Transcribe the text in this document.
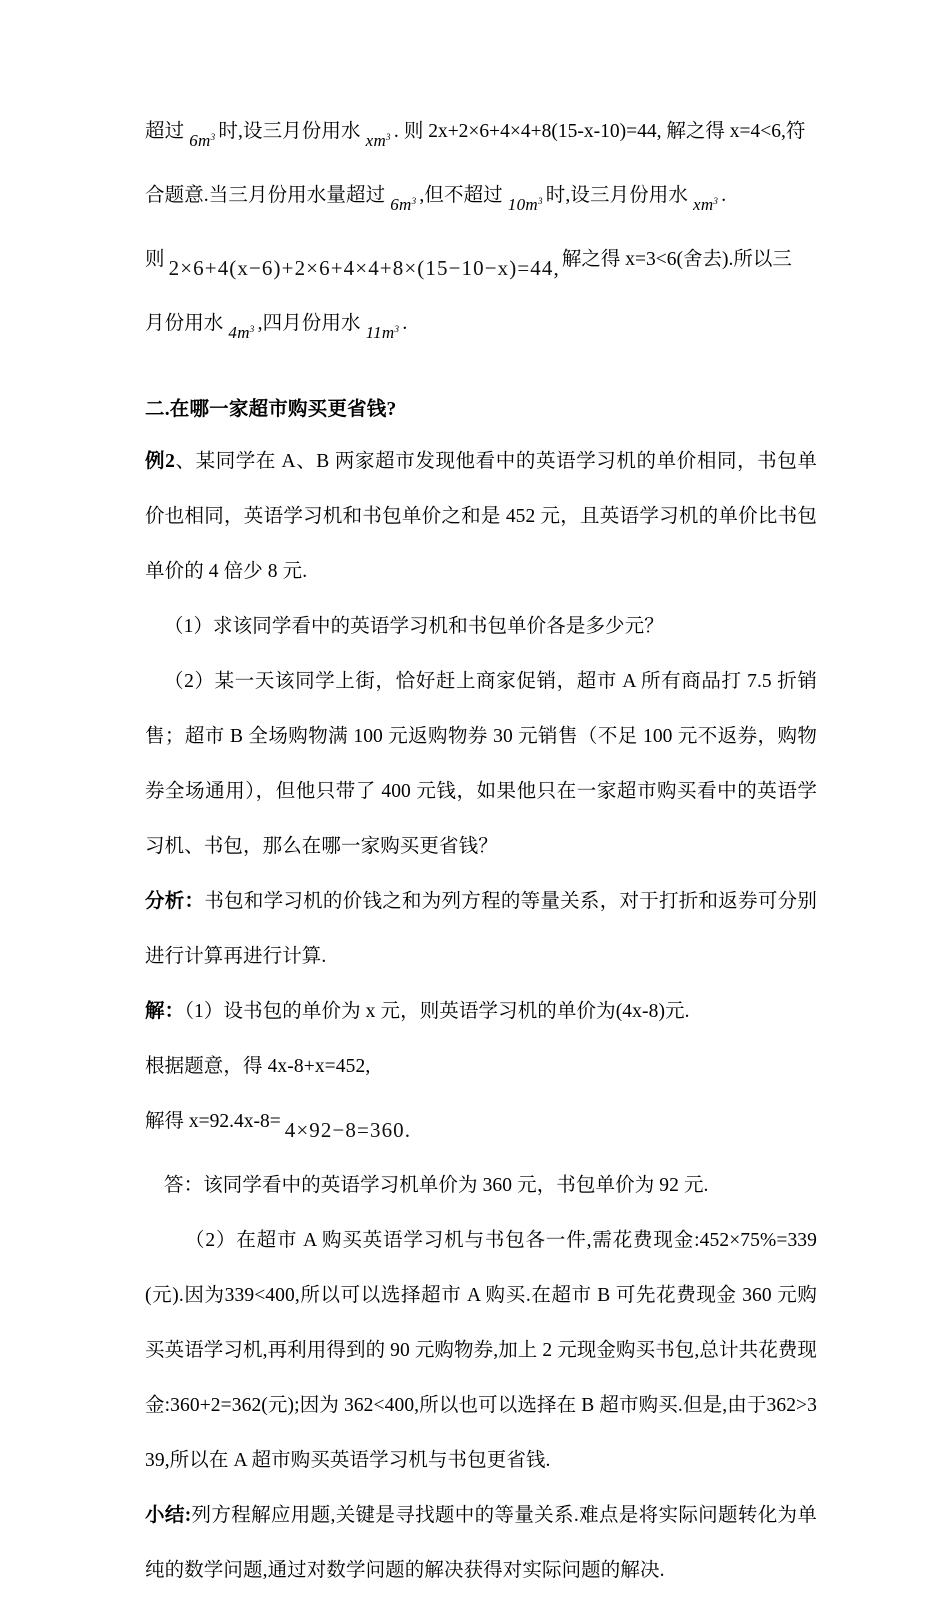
超过 $6m^3$ 时,设三月份用水 $xm^3$ . 则 2x+2×6+4×4+8(15-x-10)=44, 解之得 x=4<6,符

合题意.当三月份用水量超过 $6m^3$ ,但不超过 $10m^3$ 时,设三月份用水 $xm^3$ .

则 2×6+4(x−6)+2×6+4×4+8×(15−10−x)=44, 解之得 x=3<6(舍去).所以三

月份用水 $4m^3$ ,四月份用水 $11m^3$ .

二.在哪一家超市购买更省钱?

例2、某同学在 A、B 两家超市发现他看中的英语学习机的单价相同，书包单价也相同，英语学习机和书包单价之和是 452 元，且英语学习机的单价比书包单价的 4 倍少 8 元.

（1）求该同学看中的英语学习机和书包单价各是多少元？

（2）某一天该同学上街，恰好赶上商家促销，超市 A 所有商品打 7.5 折销售；超市 B 全场购物满 100 元返购物券 30 元销售（不足 100 元不返券，购物券全场通用），但他只带了 400 元钱，如果他只在一家超市购买看中的英语学习机、书包，那么在哪一家购买更省钱？

分析：书包和学习机的价钱之和为列方程的等量关系，对于打折和返券可分别进行计算再进行计算.

解：（1）设书包的单价为 x 元，则英语学习机的单价为(4x-8)元.

根据题意，得 4x-8+x=452,

解得 x=92.4x-8= 4×92−8=360.

答：该同学看中的英语学习机单价为 360 元，书包单价为 92 元.

（2）在超市 A 购买英语学习机与书包各一件,需花费现金:452×75%=339(元).因为339<400,所以可以选择超市 A 购买.在超市 B 可先花费现金 360 元购买英语学习机,再利用得到的 90 元购物券,加上 2 元现金购买书包,总计共花费现金:360+2=362(元);因为 362<400,所以也可以选择在 B 超市购买.但是,由于362>339,所以在 A 超市购买英语学习机与书包更省钱.

小结:列方程解应用题,关键是寻找题中的等量关系.难点是将实际问题转化为单纯的数学问题,通过对数学问题的解决获得对实际问题的解决.
